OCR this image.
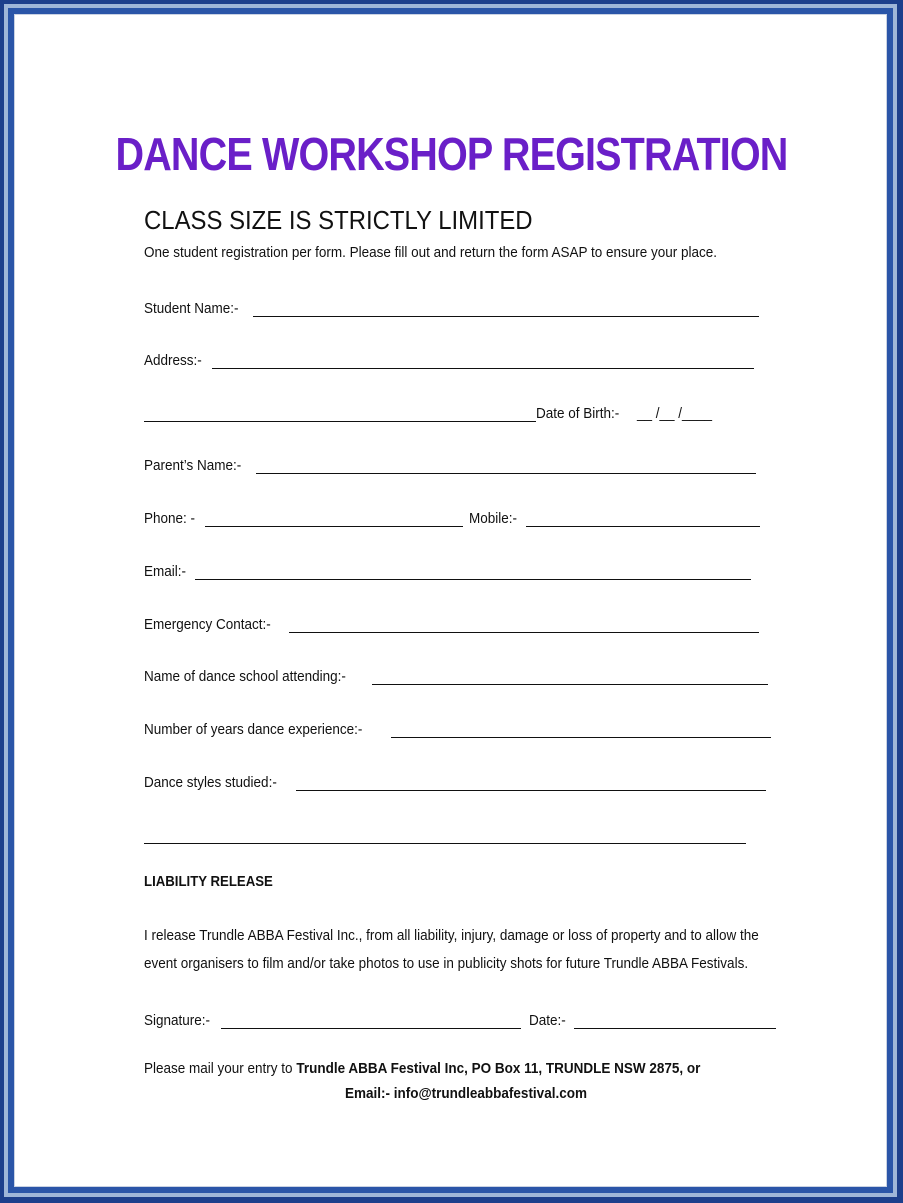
DANCE WORKSHOP REGISTRATION
CLASS SIZE IS STRICTLY LIMITED
One student registration per form. Please fill out and return the form ASAP to ensure your place.
Student Name:-
Address:-
Date of Birth:- __ /__ /____
Parent’s Name:-
Phone: -	Mobile:-
Email:-
Emergency Contact:-
Name of dance school attending:-
Number of years dance experience:-
Dance styles studied:-
LIABILITY RELEASE
I release Trundle ABBA Festival Inc., from all liability, injury, damage or loss of property and to allow the
event organisers to film and/or take photos to use in publicity shots for future Trundle ABBA Festivals.
Signature:-	Date:-
Please mail your entry to Trundle ABBA Festival Inc, PO Box 11, TRUNDLE NSW 2875, or
Email:- info@trundleabbafestival.com
